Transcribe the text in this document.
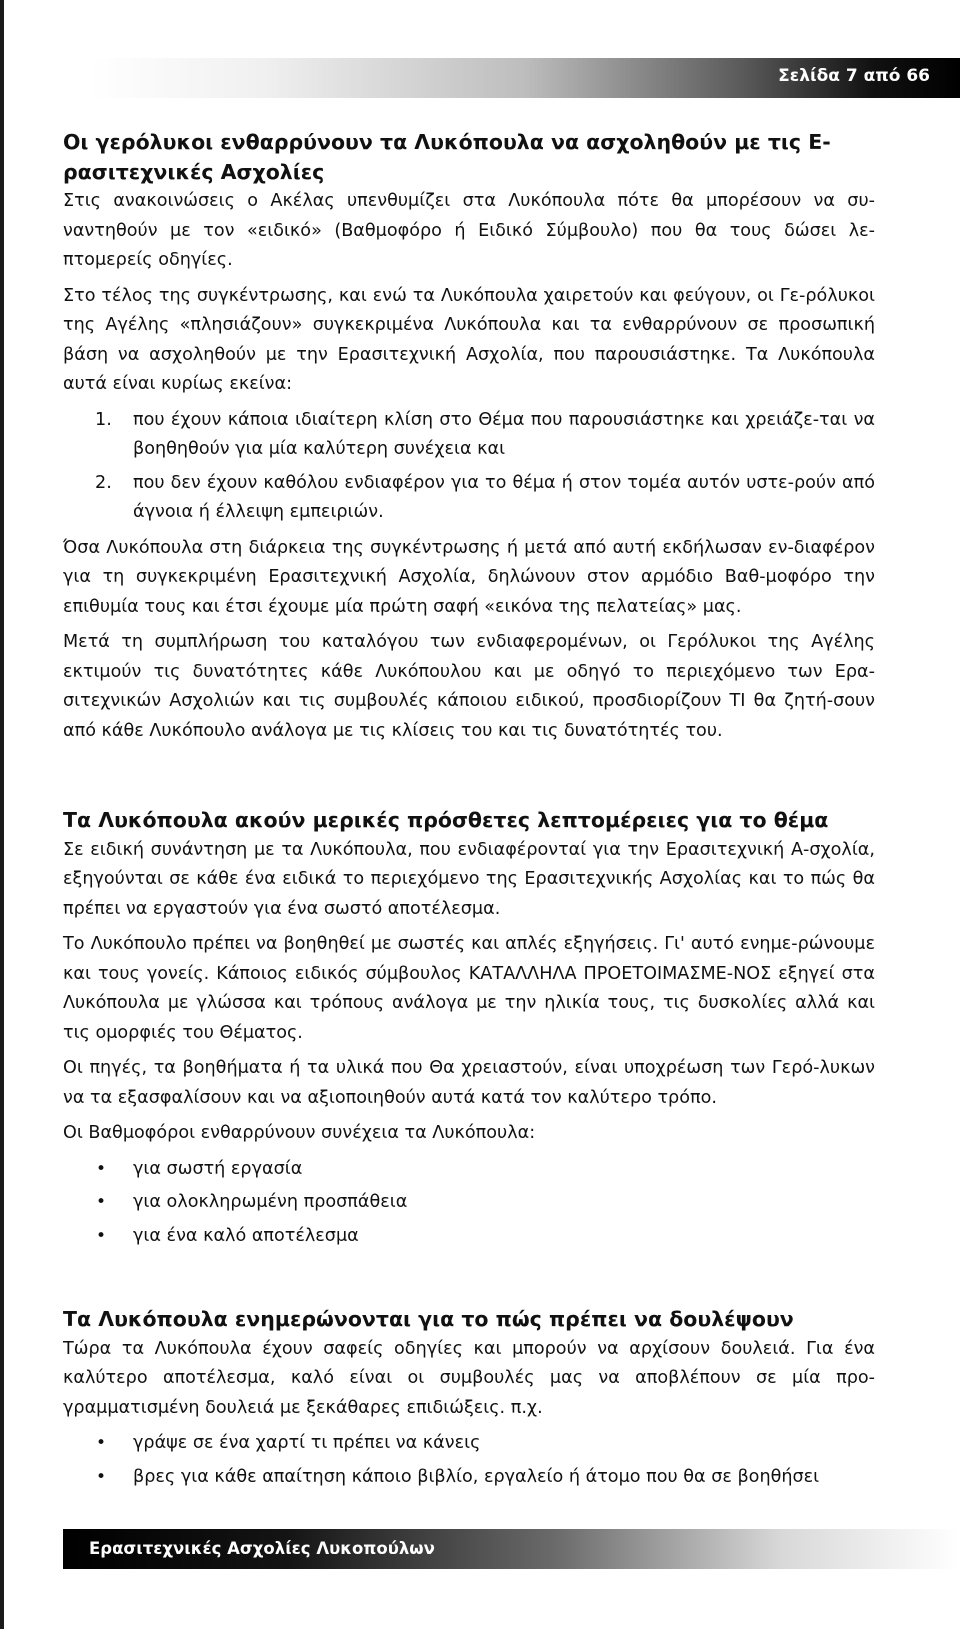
Σελίδα 7 από 66
Οι γερόλυκοι ενθαρρύνουν τα Λυκόπουλα να ασχοληθούν με τις Ε-ρασιτεχνικές Ασχολίες

Στις ανακοινώσεις ο Ακέλας υπενθυμίζει στα Λυκόπουλα πότε θα μπορέσουν να συ-ναντηθούν με τον «ειδικό» (Βαθμοφόρο ή Ειδικό Σύμβουλο) που θα τους δώσει λε-πτομερείς οδηγίες.

Στο τέλος της συγκέντρωσης, και ενώ τα Λυκόπουλα χαιρετούν και φεύγουν, οι Γε-ρόλυκοι της Αγέλης «πλησιάζουν» συγκεκριμένα Λυκόπουλα και τα ενθαρρύνουν σε προσωπική βάση να ασχοληθούν με την Ερασιτεχνική Ασχολία, που παρουσιάστηκε. Τα Λυκόπουλα αυτά είναι κυρίως εκείνα:

1. που έχουν κάποια ιδιαίτερη κλίση στο Θέμα που παρουσιάστηκε και χρειάζε-ται να βοηθηθούν για μία καλύτερη συνέχεια και
2. που δεν έχουν καθόλου ενδιαφέρον για το θέμα ή στον τομέα αυτόν υστε-ρούν από άγνοια ή έλλειψη εμπειριών.

Όσα Λυκόπουλα στη διάρκεια της συγκέντρωσης ή μετά από αυτή εκδήλωσαν εν-διαφέρον για τη συγκεκριμένη Ερασιτεχνική Ασχολία, δηλώνουν στον αρμόδιο Βαθ-μοφόρο την επιθυμία τους και έτσι έχουμε μία πρώτη σαφή «εικόνα της πελατείας» μας.

Μετά τη συμπλήρωση του καταλόγου των ενδιαφερομένων, οι Γερόλυκοι της Αγέλης εκτιμούν τις δυνατότητες κάθε Λυκόπουλου και με οδηγό το περιεχόμενο των Ερα-σιτεχνικών Ασχολιών και τις συμβουλές κάποιου ειδικού, προσδιορίζουν ΤΙ θα ζητή-σουν από κάθε Λυκόπουλο ανάλογα με τις κλίσεις του και τις δυνατότητές του.

Τα Λυκόπουλα ακούν μερικές πρόσθετες λεπτομέρειες για το θέμα

Σε ειδική συνάντηση με τα Λυκόπουλα, που ενδιαφέρονταί για την Ερασιτεχνική Α-σχολία, εξηγούνται σε κάθε ένα ειδικά το περιεχόμενο της Ερασιτεχνικής Ασχολίας και το πώς θα πρέπει να εργαστούν για ένα σωστό αποτέλεσμα.

Το Λυκόπουλο πρέπει να βοηθηθεί με σωστές και απλές εξηγήσεις. Γι' αυτό ενημε-ρώνουμε και τους γονείς. Κάποιος ειδικός σύμβουλος ΚΑΤΑΛΛΗΛΑ ΠΡΟΕΤΟΙΜΑΣΜΕ-ΝΟΣ εξηγεί στα Λυκόπουλα με γλώσσα και τρόπους ανάλογα με την ηλικία τους, τις δυσκολίες αλλά και τις ομορφιές του Θέματος.

Οι πηγές, τα βοηθήματα ή τα υλικά που Θα χρειαστούν, είναι υποχρέωση των Γερό-λυκων να τα εξασφαλίσουν και να αξιοποιηθούν αυτά κατά τον καλύτερο τρόπο.

Οι Βαθμοφόροι ενθαρρύνουν συνέχεια τα Λυκόπουλα:

• για σωστή εργασία
• για ολοκληρωμένη προσπάθεια
• για ένα καλό αποτέλεσμα
Τα Λυκόπουλα ενημερώνονται για το πώς πρέπει να δουλέψουν

Τώρα τα Λυκόπουλα έχουν σαφείς οδηγίες και μπορούν να αρχίσουν δουλειά. Για ένα καλύτερο αποτέλεσμα, καλό είναι οι συμβουλές μας να αποβλέπουν σε μία προ-γραμματισμένη δουλειά με ξεκάθαρες επιδιώξεις. π.χ.

• γράψε σε ένα χαρτί τι πρέπει να κάνεις
• βρες για κάθε απαίτηση κάποιο βιβλίο, εργαλείο ή άτομο που θα σε βοηθήσει
Ερασιτεχνικές Ασχολίες Λυκοπούλων
